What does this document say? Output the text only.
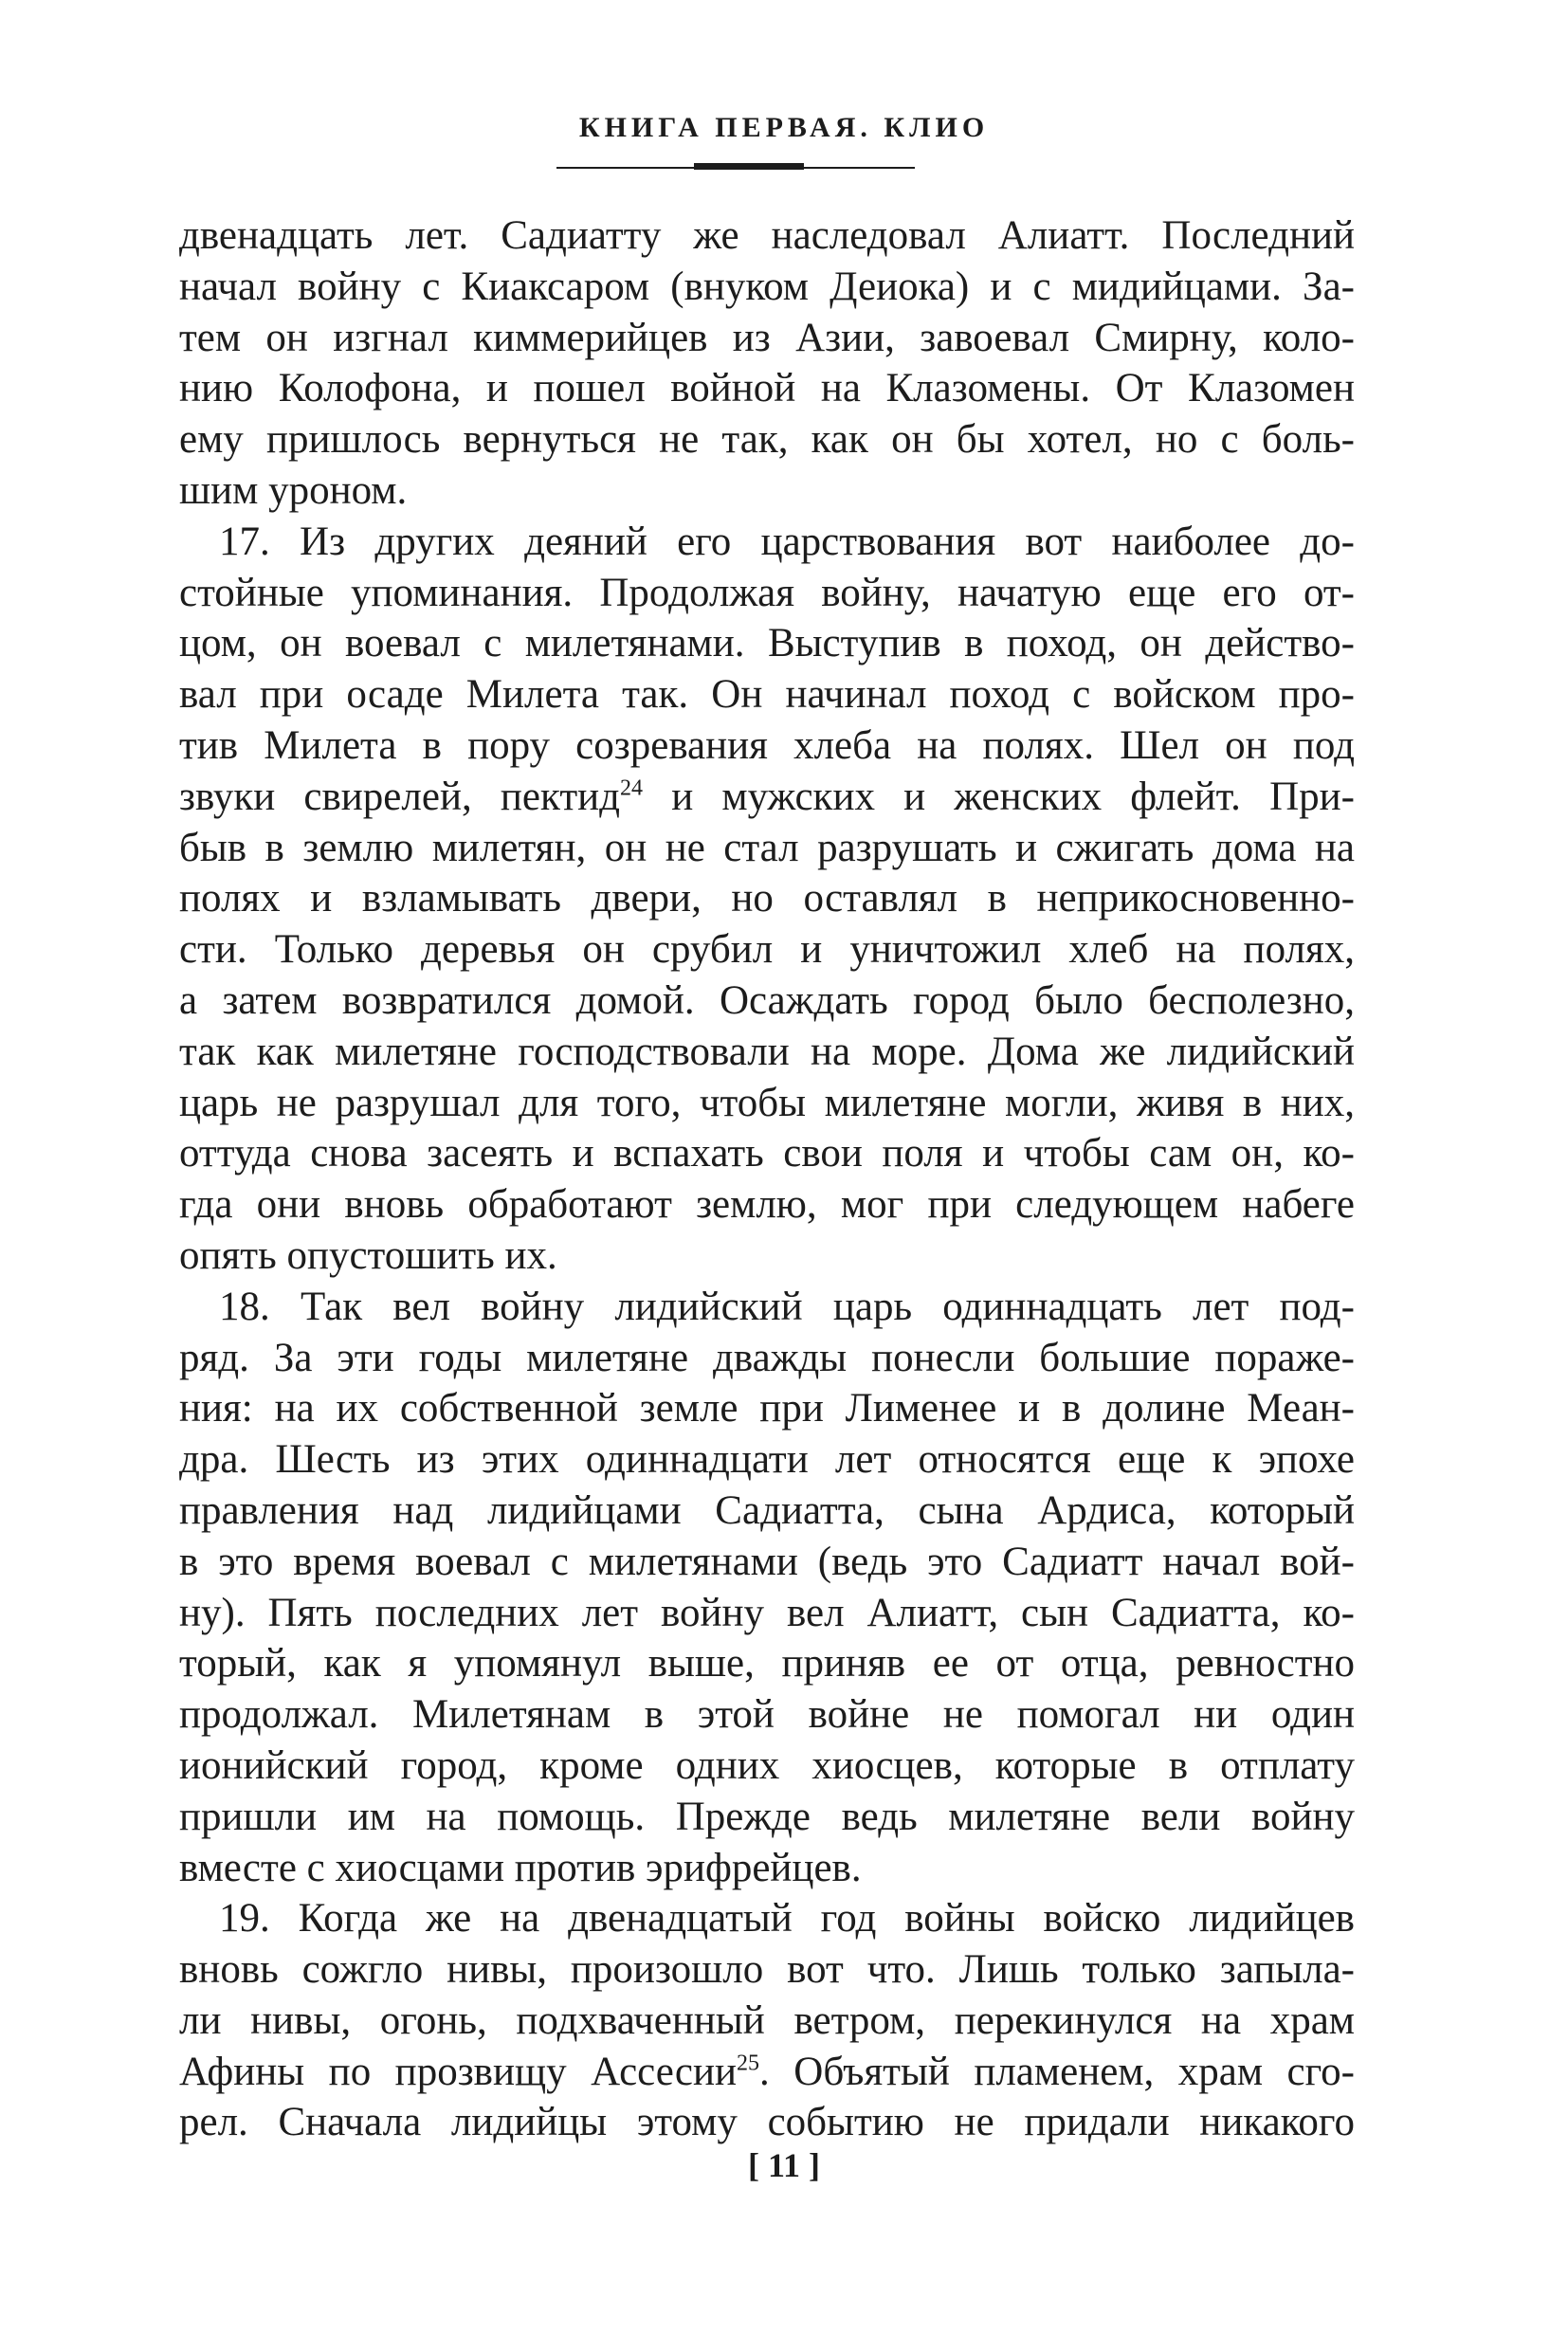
КНИГА ПЕРВАЯ. КЛИО
двенадцать лет. Садиатту же наследовал Алиатт. Последний
начал войну с Киаксаром (внуком Деиока) и с мидийцами. За-
тем он изгнал киммерийцев из Азии, завоевал Смирну, коло-
нию Колофона, и пошел войной на Клазомены. От Клазомен
ему пришлось вернуться не так, как он бы хотел, но с боль-
шим уроном.
17. Из других деяний его царствования вот наиболее до-
стойные упоминания. Продолжая войну, начатую еще его от-
цом, он воевал с милетянами. Выступив в поход, он действо-
вал при осаде Милета так. Он начинал поход с войском про-
тив Милета в пору созревания хлеба на полях. Шел он под
звуки свирелей, пектид$^{24}$ и мужских и женских флейт. При-
быв в землю милетян, он не стал разрушать и сжигать дома на
полях и взламывать двери, но оставлял в неприкосновенно-
сти. Только деревья он срубил и уничтожил хлеб на полях,
а затем возвратился домой. Осаждать город было бесполезно,
так как милетяне господствовали на море. Дома же лидийский
царь не разрушал для того, чтобы милетяне могли, живя в них,
оттуда снова засеять и вспахать свои поля и чтобы сам он, ко-
гда они вновь обработают землю, мог при следующем набеге
опять опустошить их.
18. Так вел войну лидийский царь одиннадцать лет под-
ряд. За эти годы милетяне дважды понесли большие пораже-
ния: на их собственной земле при Лименее и в долине Меан-
дра. Шесть из этих одиннадцати лет относятся еще к эпохе
правления над лидийцами Садиатта, сына Ардиса, который
в это время воевал с милетянами (ведь это Садиатт начал вой-
ну). Пять последних лет войну вел Алиатт, сын Садиатта, ко-
торый, как я упомянул выше, приняв ее от отца, ревностно
продолжал. Милетянам в этой войне не помогал ни один
ионийский город, кроме одних хиосцев, которые в отплату
пришли им на помощь. Прежде ведь милетяне вели войну
вместе с хиосцами против эрифрейцев.
19. Когда же на двенадцатый год войны войско лидийцев
вновь сожгло нивы, произошло вот что. Лишь только запыла-
ли нивы, огонь, подхваченный ветром, перекинулся на храм
Афины по прозвищу Ассесии$^{25}$. Объятый пламенем, храм сго-
рел. Сначала лидийцы этому событию не придали никакого
[ 11 ]
